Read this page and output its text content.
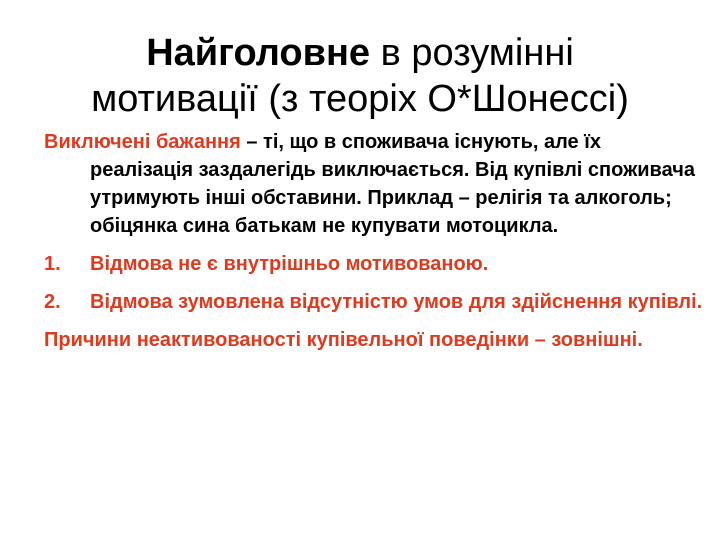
Найголовне в розумінні
мотивації (з теоріх О*Шонессі)
Виключені бажання – ті, що в споживача існують, але їх реалізація заздалегідь виключається. Від купівлі споживача утримують інші обставини. Приклад – релігія та алкоголь; обіцянка сина батькам не купувати мотоцикла.
1. Відмова не є внутрішньо мотивованою.
2. Відмова зумовлена відсутністю умов для здійснення купівлі.
Причини неактивованості купівельної поведінки – зовнішні.
